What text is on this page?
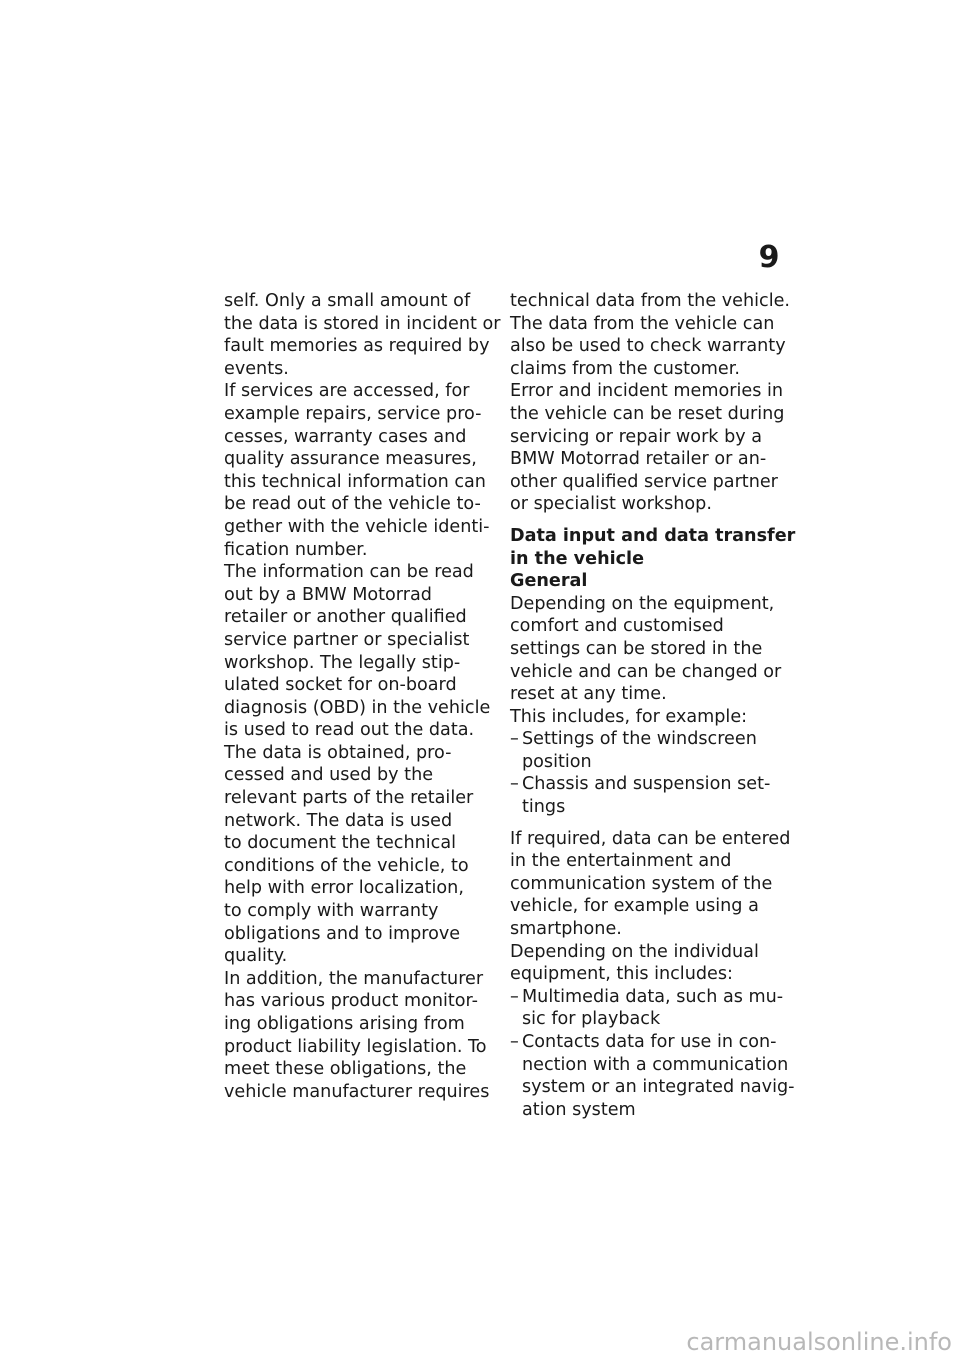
9
self. Only a small amount of
the data is stored in incident or
fault memories as required by
events.
If services are accessed, for
example repairs, service pro-
cesses, warranty cases and
quality assurance measures,
this technical information can
be read out of the vehicle to-
gether with the vehicle identi-
fication number.
The information can be read
out by a BMW Motorrad
retailer or another qualified
service partner or specialist
workshop. The legally stip-
ulated socket for on-board
diagnosis (OBD) in the vehicle
is used to read out the data.
The data is obtained, pro-
cessed and used by the
relevant parts of the retailer
network. The data is used
to document the technical
conditions of the vehicle, to
help with error localization,
to comply with warranty
obligations and to improve
quality.
In addition, the manufacturer
has various product monitor-
ing obligations arising from
product liability legislation. To
meet these obligations, the
vehicle manufacturer requires
technical data from the vehicle.
The data from the vehicle can
also be used to check warranty
claims from the customer.
Error and incident memories in
the vehicle can be reset during
servicing or repair work by a
BMW Motorrad retailer or an-
other qualified service partner
or specialist workshop.
Data input and data transfer
in the vehicle
General
Depending on the equipment,
comfort and customised
settings can be stored in the
vehicle and can be changed or
reset at any time.
This includes, for example:
– Settings of the windscreen
position
– Chassis and suspension set-
tings
If required, data can be entered
in the entertainment and
communication system of the
vehicle, for example using a
smartphone.
Depending on the individual
equipment, this includes:
– Multimedia data, such as mu-
sic for playback
– Contacts data for use in con-
nection with a communication
system or an integrated navig-
ation system
carmanualsonline.info
